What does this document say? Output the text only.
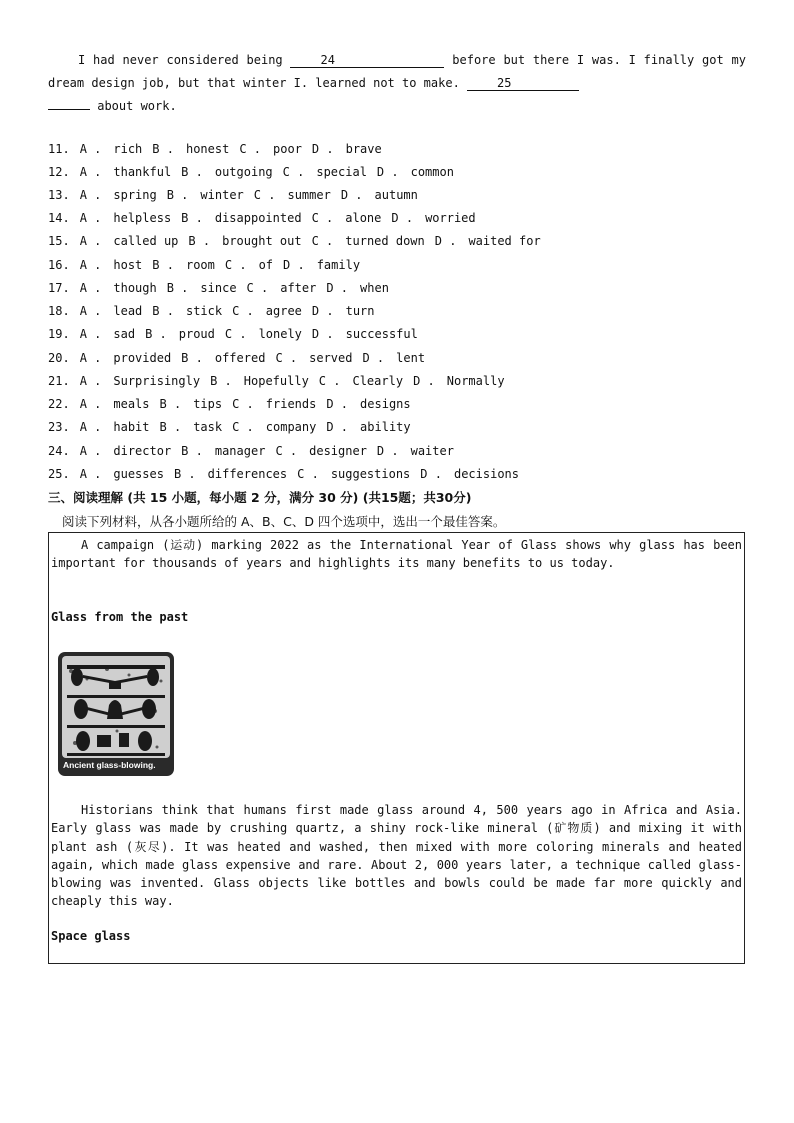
I had never considered being	24	before but there I was. I finally got my dream design job, but that winter I. learned not to make.	25
about work.
11. A . rich B . honest C . poor D . brave
12. A . thankful B . outgoing C . special D . common
13. A . spring B . winter C . summer D . autumn
14. A . helpless B . disappointed C . alone D . worried
15. A . called up B . brought out C . turned down D . waited for
16. A . host B . room C . of D . family
17. A . though B . since C . after D . when
18. A . lead B . stick C . agree D . turn
19. A . sad B . proud C . lonely D . successful
20. A . provided B . offered C . served D . lent
21. A . Surprisingly B . Hopefully C . Clearly D . Normally
22. A . meals B . tips C . friends D . designs
23. A . habit B . task C . company D . ability
24. A . director B . manager C . designer D . waiter
25. A . guesses B . differences C . suggestions D . decisions
三、阅读理解 (共 15 小题，每小题 2 分，满分 30 分) (共15题；共30分)
阅读下列材料，从各小题所给的 A、B、C、D 四个选项中，选出一个最佳答案。
A campaign (运动) marking 2022 as the International Year of Glass shows why glass has been important for thousands of years and highlights its many benefits to us today.
Glass from the past
Ancient glass-blowing.
Historians think that humans first made glass around 4, 500 years ago in Africa and Asia. Early glass was made by crushing quartz, a shiny rock-like mineral (矿物质) and mixing it with plant ash (灰尽). It was heated and washed, then mixed with more coloring minerals and heated again, which made glass expensive and rare. About 2, 000 years later, a technique called glass-blowing was invented. Glass objects like bottles and bowls could be made far more quickly and cheaply this way.
Space glass
